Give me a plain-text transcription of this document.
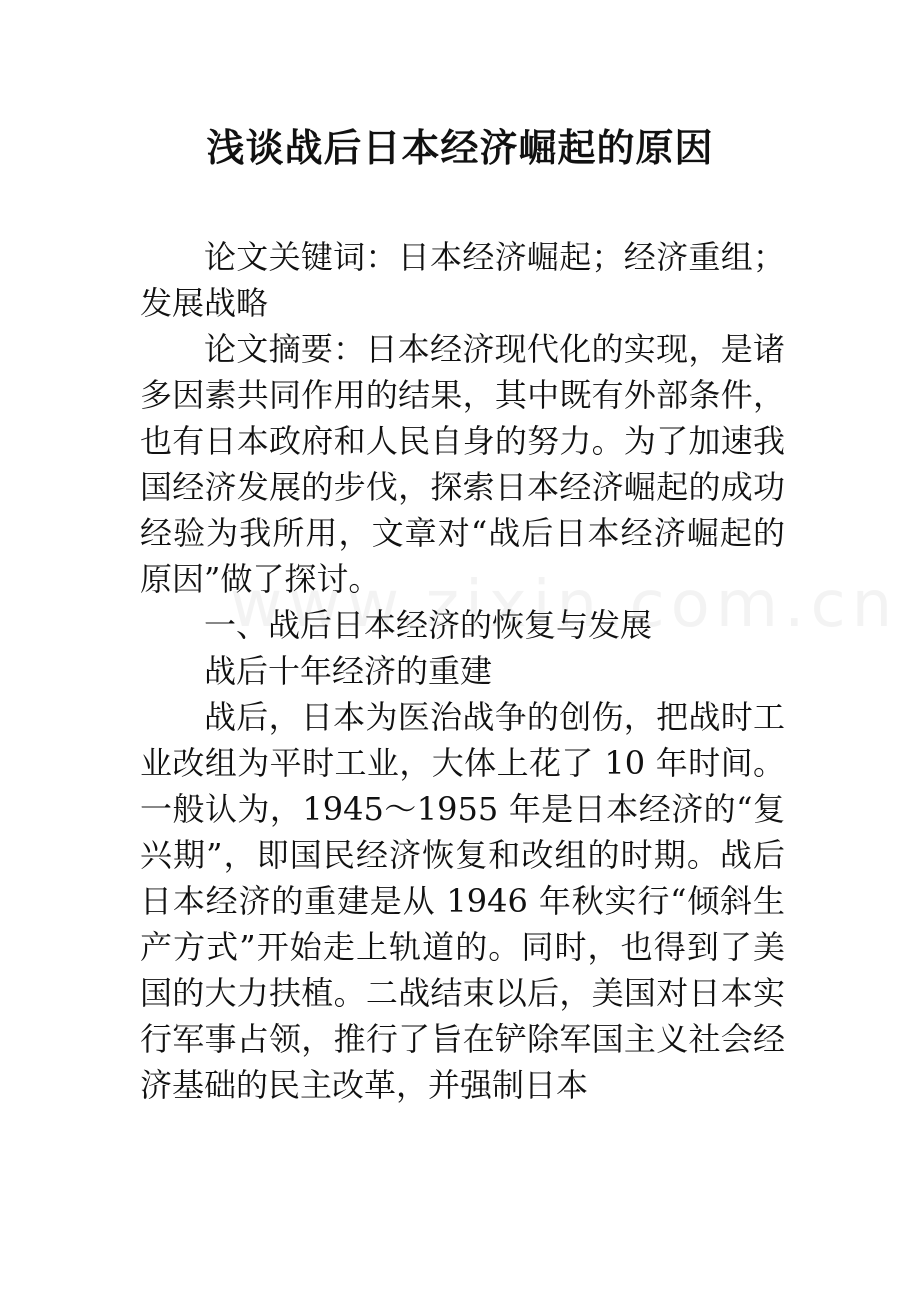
浅谈战后日本经济崛起的原因

论文关键词：日本经济崛起；经济重组；发展战略

论文摘要：日本经济现代化的实现，是诸多因素共同作用的结果，其中既有外部条件，也有日本政府和人民自身的努力。为了加速我国经济发展的步伐，探索日本经济崛起的成功经验为我所用，文章对“战后日本经济崛起的原因”做了探讨。

一、战后日本经济的恢复与发展

战后十年经济的重建

战后，日本为医治战争的创伤，把战时工业改组为平时工业，大体上花了 10 年时间。一般认为，1945～1955 年是日本经济的“复兴期”，即国民经济恢复和改组的时期。战后日本经济的重建是从 1946 年秋实行“倾斜生产方式”开始走上轨道的。同时，也得到了美国的大力扶植。二战结束以后，美国对日本实行军事占领，推行了旨在铲除军国主义社会经济基础的民主改革，并强制日本
